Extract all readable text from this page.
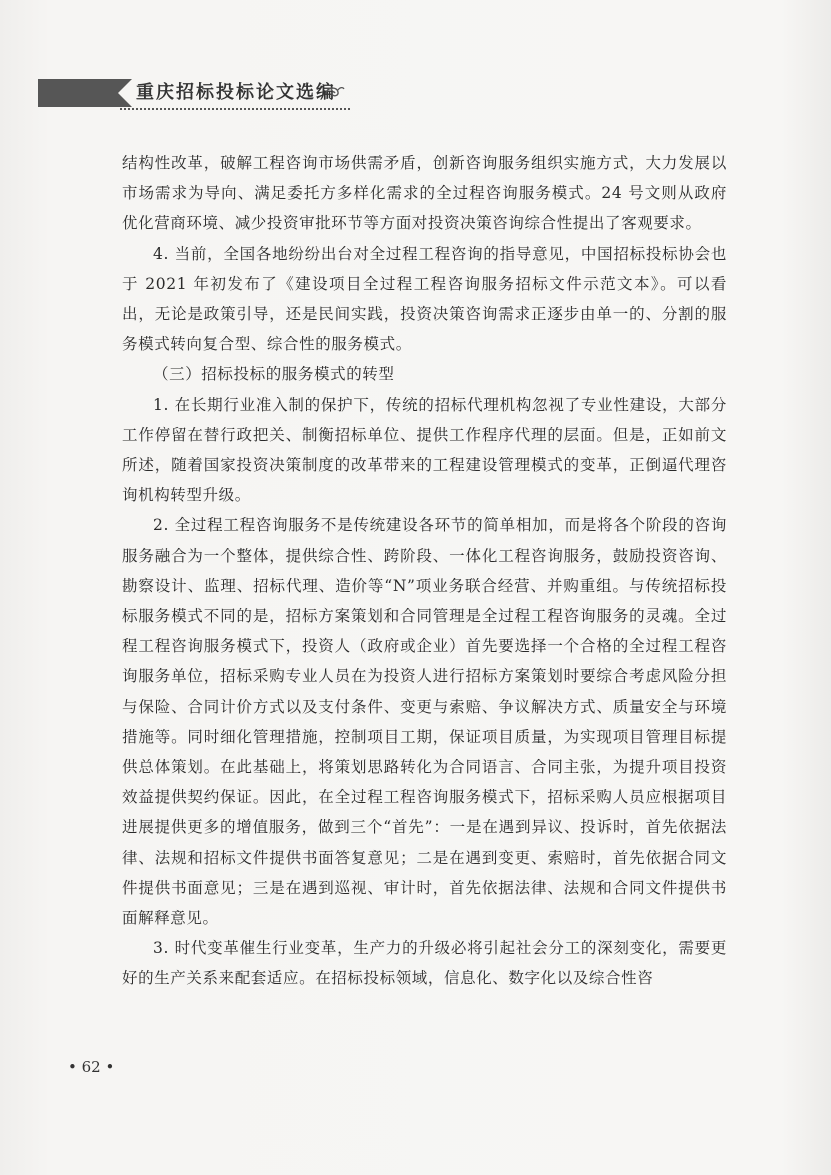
重庆招标投标论文选编

结构性改革，破解工程咨询市场供需矛盾，创新咨询服务组织实施方式，大力发展以市场需求为导向、满足委托方多样化需求的全过程咨询服务模式。24 号文则从政府优化营商环境、减少投资审批环节等方面对投资决策咨询综合性提出了客观要求。

4. 当前，全国各地纷纷出台对全过程工程咨询的指导意见，中国招标投标协会也于 2021 年初发布了《建设项目全过程工程咨询服务招标文件示范文本》。可以看出，无论是政策引导，还是民间实践，投资决策咨询需求正逐步由单一的、分割的服务模式转向复合型、综合性的服务模式。

（三）招标投标的服务模式的转型

1. 在长期行业准入制的保护下，传统的招标代理机构忽视了专业性建设，大部分工作停留在替行政把关、制衡招标单位、提供工作程序代理的层面。但是，正如前文所述，随着国家投资决策制度的改革带来的工程建设管理模式的变革，正倒逼代理咨询机构转型升级。

2. 全过程工程咨询服务不是传统建设各环节的简单相加，而是将各个阶段的咨询服务融合为一个整体，提供综合性、跨阶段、一体化工程咨询服务，鼓励投资咨询、勘察设计、监理、招标代理、造价等“N”项业务联合经营、并购重组。与传统招标投标服务模式不同的是，招标方案策划和合同管理是全过程工程咨询服务的灵魂。全过程工程咨询服务模式下，投资人（政府或企业）首先要选择一个合格的全过程工程咨询服务单位，招标采购专业人员在为投资人进行招标方案策划时要综合考虑风险分担与保险、合同计价方式以及支付条件、变更与索赔、争议解决方式、质量安全与环境措施等。同时细化管理措施，控制项目工期，保证项目质量，为实现项目管理目标提供总体策划。在此基础上，将策划思路转化为合同语言、合同主张，为提升项目投资效益提供契约保证。因此，在全过程工程咨询服务模式下，招标采购人员应根据项目进展提供更多的增值服务，做到三个“首先”：一是在遇到异议、投诉时，首先依据法律、法规和招标文件提供书面答复意见；二是在遇到变更、索赔时，首先依据合同文件提供书面意见；三是在遇到巡视、审计时，首先依据法律、法规和合同文件提供书面解释意见。

3. 时代变革催生行业变革，生产力的升级必将引起社会分工的深刻变化，需要更好的生产关系来配套适应。在招标投标领域，信息化、数字化以及综合性咨

• 62 •
